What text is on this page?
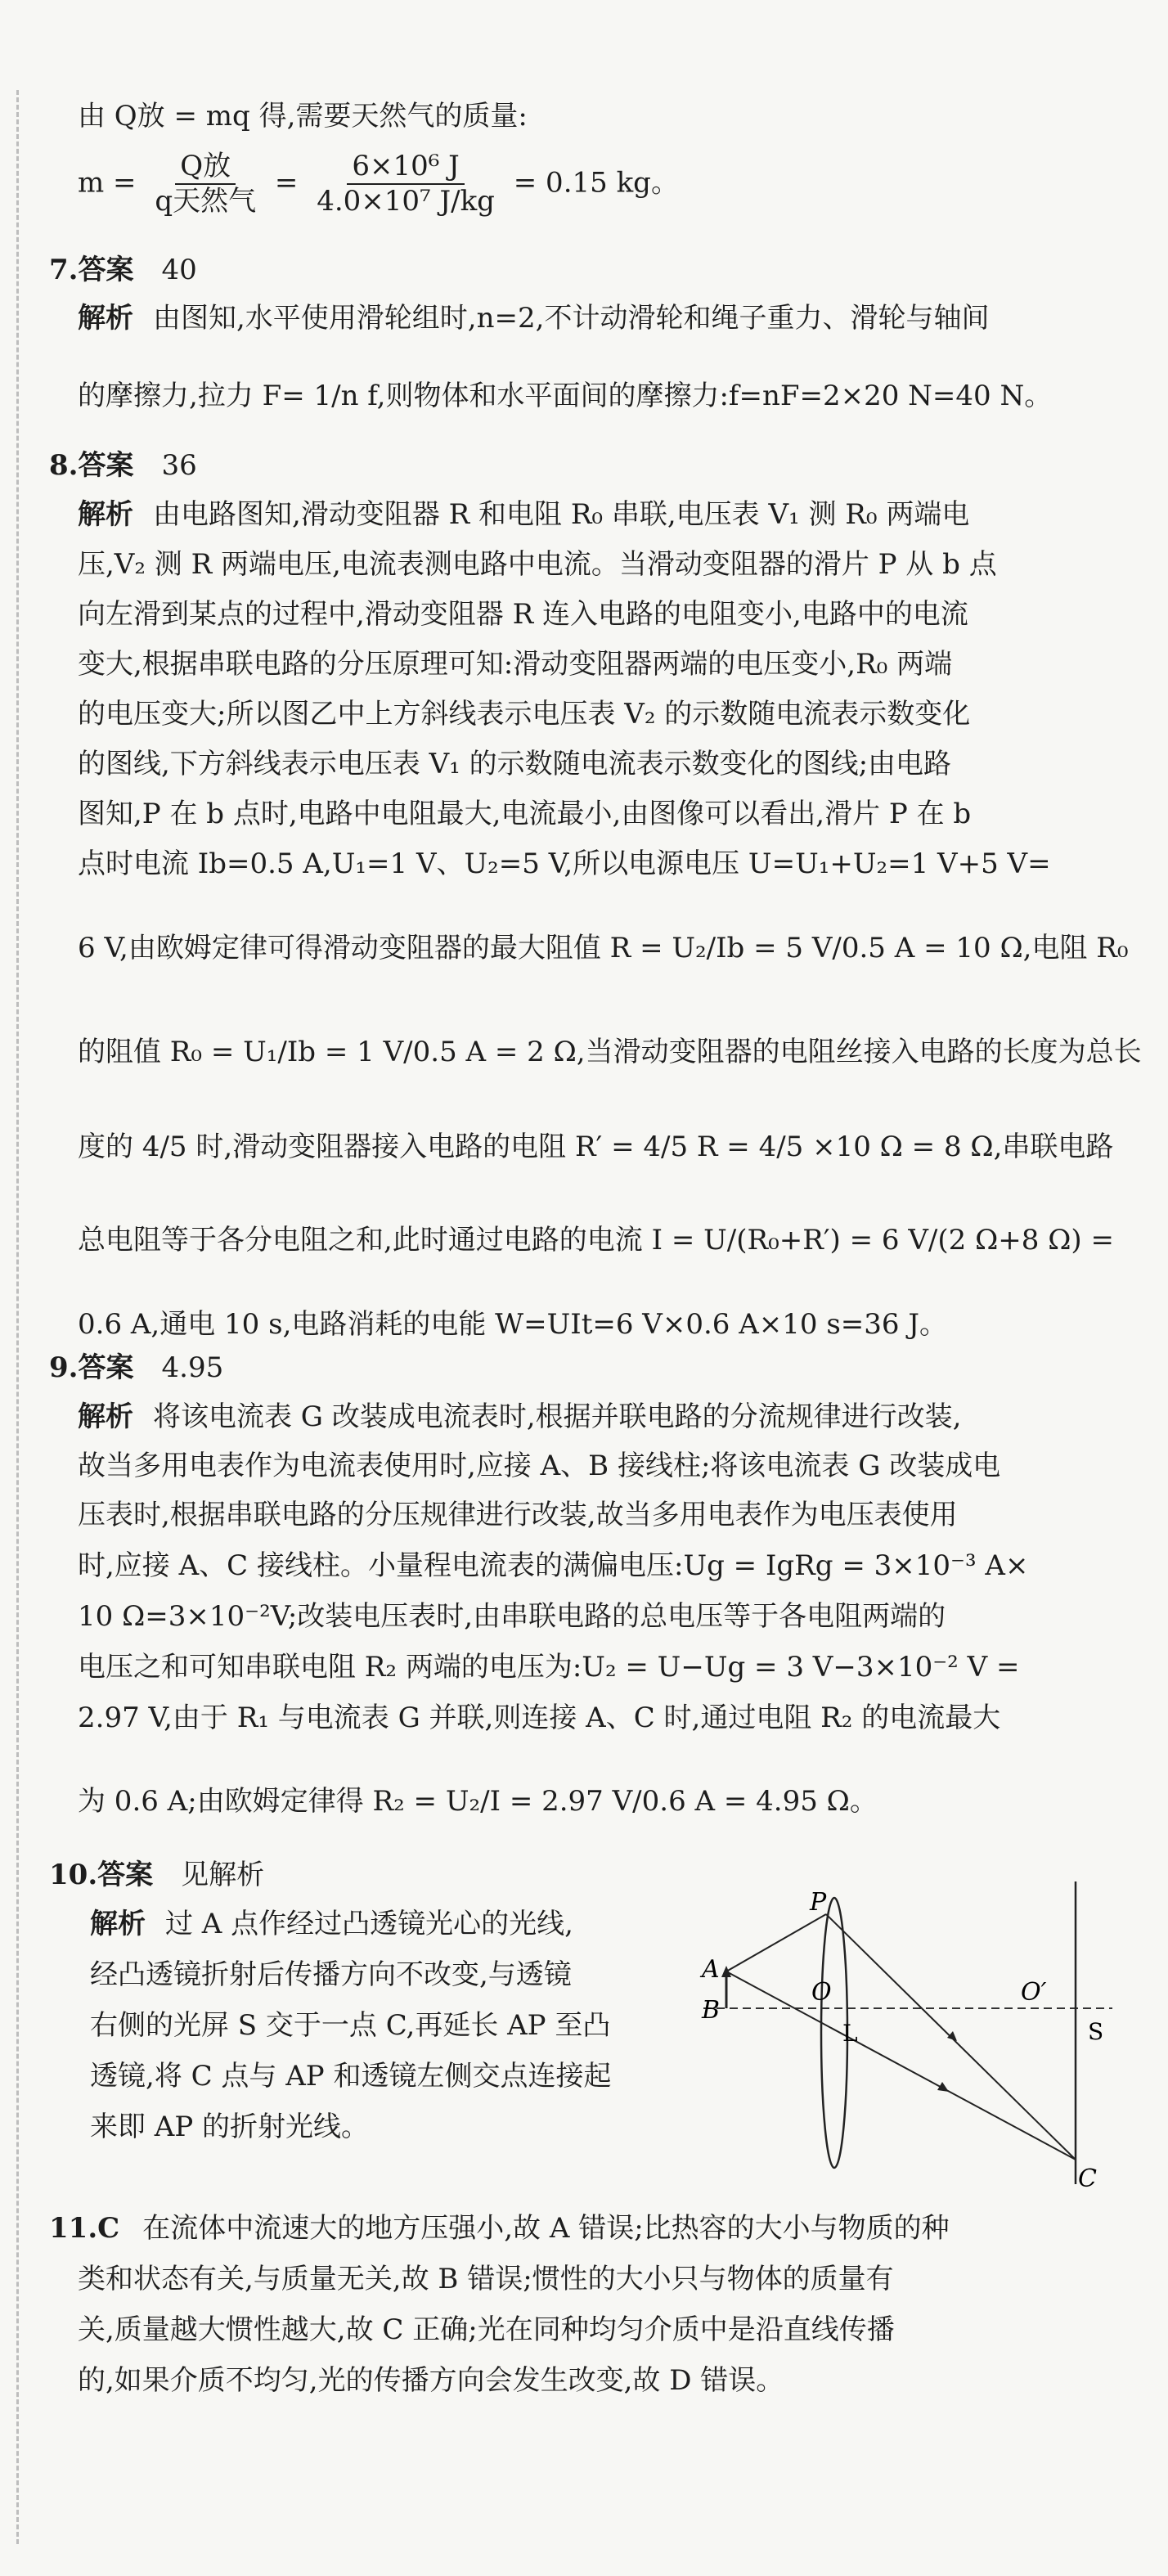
由 Q放 = mq 得,需要天然气的质量:
$m = \frac{\text{Q放}}{\text{q天然气}} = \frac{\text{6×10⁶ J}}{\text{4.0×10⁷ J/kg}} = 0.15$ kg。
7.答案 40
解析 由图知,水平使用滑轮组时,n=2,不计动滑轮和绳子重力、滑轮与轴间
的摩擦力,拉力 F= 1/n f,则物体和水平面间的摩擦力:f=nF=2×20 N=40 N。
8.答案 36
解析 由电路图知,滑动变阻器 R 和电阻 R₀ 串联,电压表 V₁ 测 R₀ 两端电
压,V₂ 测 R 两端电压,电流表测电路中电流。当滑动变阻器的滑片 P 从 b 点
向左滑到某点的过程中,滑动变阻器 R 连入电路的电阻变小,电路中的电流
变大,根据串联电路的分压原理可知:滑动变阻器两端的电压变小,R₀ 两端
的电压变大;所以图乙中上方斜线表示电压表 V₂ 的示数随电流表示数变化
的图线,下方斜线表示电压表 V₁ 的示数随电流表示数变化的图线;由电路
图知,P 在 b 点时,电路中电阻最大,电流最小,由图像可以看出,滑片 P 在 b
点时电流 Ib=0.5 A,U₁=1 V、U₂=5 V,所以电源电压 U=U₁+U₂=1 V+5 V=
6 V,由欧姆定律可得滑动变阻器的最大阻值 R = U₂/Ib = 5 V/0.5 A = 10 Ω,电阻 R₀
的阻值 R₀ = U₁/Ib = 1 V/0.5 A = 2 Ω,当滑动变阻器的电阻丝接入电路的长度为总长
度的 4/5 时,滑动变阻器接入电路的电阻 R′ = 4/5 R = 4/5 ×10 Ω = 8 Ω,串联电路
总电阻等于各分电阻之和,此时通过电路的电流 I = U/(R₀+R′) = 6 V/(2 Ω+8 Ω) =
0.6 A,通电 10 s,电路消耗的电能 W=UIt=6 V×0.6 A×10 s=36 J。
9.答案 4.95
解析 将该电流表 G 改装成电流表时,根据并联电路的分流规律进行改装,
故当多用电表作为电流表使用时,应接 A、B 接线柱;将该电流表 G 改装成电
压表时,根据串联电路的分压规律进行改装,故当多用电表作为电压表使用
时,应接 A、C 接线柱。小量程电流表的满偏电压:Ug = IgRg = 3×10⁻³ A×
10 Ω=3×10⁻²V;改装电压表时,由串联电路的总电压等于各电阻两端的
电压之和可知串联电阻 R₂ 两端的电压为:U₂ = U−Ug = 3 V−3×10⁻² V =
2.97 V,由于 R₁ 与电流表 G 并联,则连接 A、C 时,通过电阻 R₂ 的电流最大
为 0.6 A;由欧姆定律得 R₂ = U₂/I = 2.97 V/0.6 A = 4.95 Ω。
10.答案 见解析
解析 过 A 点作经过凸透镜光心的光线,
经凸透镜折射后传播方向不改变,与透镜
右侧的光屏 S 交于一点 C,再延长 AP 至凸
透镜,将 C 点与 AP 和透镜左侧交点连接起
来即 AP 的折射光线。
P
A
B
O	O′
L	S
C
11.C 在流体中流速大的地方压强小,故 A 错误;比热容的大小与物质的种
类和状态有关,与质量无关,故 B 错误;惯性的大小只与物体的质量有
关,质量越大惯性越大,故 C 正确;光在同种均匀介质中是沿直线传播
的,如果介质不均匀,光的传播方向会发生改变,故 D 错误。
